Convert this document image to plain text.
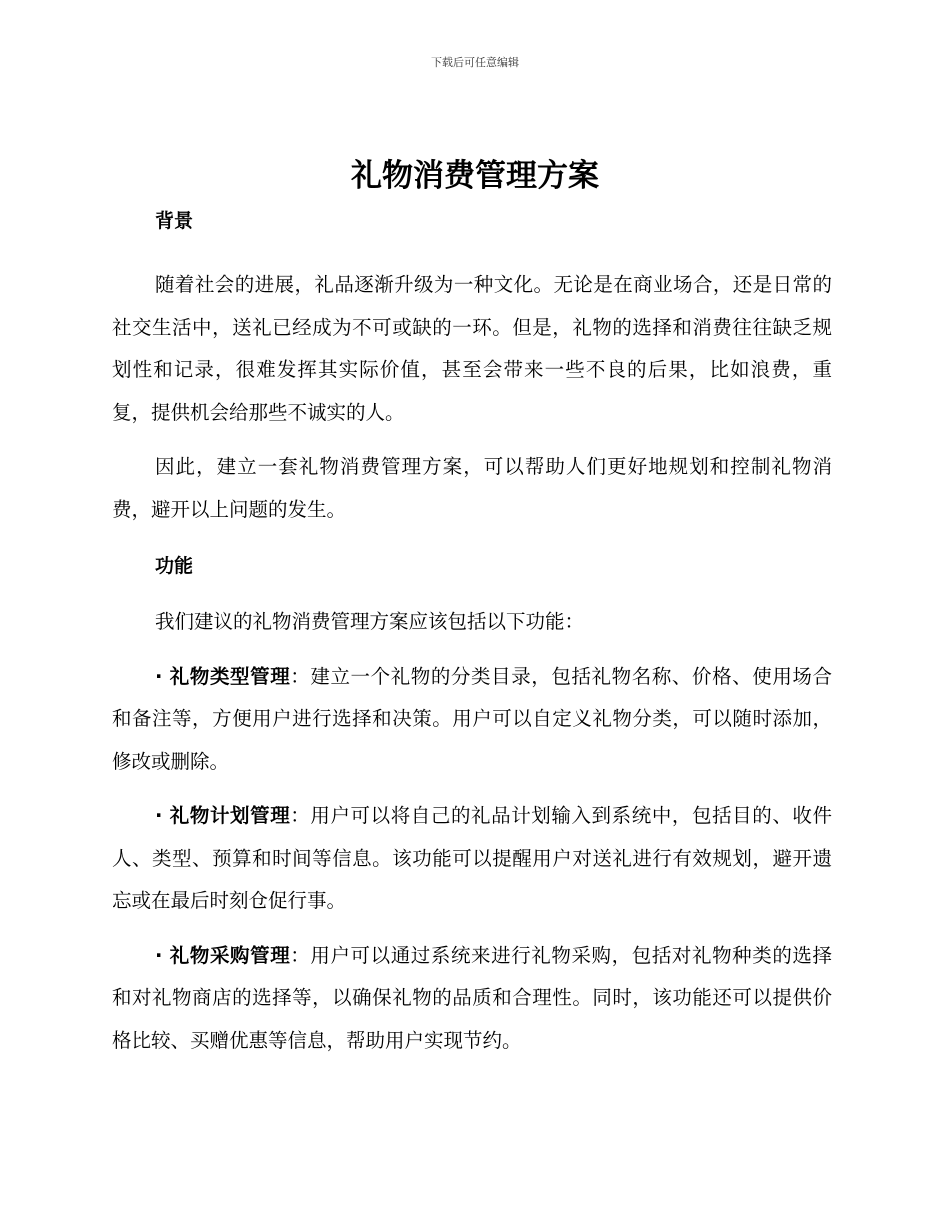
下载后可任意编辑
礼物消费管理方案
背景

随着社会的进展，礼品逐渐升级为一种文化。无论是在商业场合，还是日常的社交生活中，送礼已经成为不可或缺的一环。但是，礼物的选择和消费往往缺乏规划性和记录，很难发挥其实际价值，甚至会带来一些不良的后果，比如浪费，重复，提供机会给那些不诚实的人。

因此，建立一套礼物消费管理方案，可以帮助人们更好地规划和控制礼物消费，避开以上问题的发生。

功能

我们建议的礼物消费管理方案应该包括以下功能：

· 礼物类型管理：建立一个礼物的分类目录，包括礼物名称、价格、使用场合和备注等，方便用户进行选择和决策。用户可以自定义礼物分类，可以随时添加，修改或删除。

· 礼物计划管理：用户可以将自己的礼品计划输入到系统中，包括目的、收件人、类型、预算和时间等信息。该功能可以提醒用户对送礼进行有效规划，避开遗忘或在最后时刻仓促行事。

· 礼物采购管理：用户可以通过系统来进行礼物采购，包括对礼物种类的选择和对礼物商店的选择等，以确保礼物的品质和合理性。同时，该功能还可以提供价格比较、买赠优惠等信息，帮助用户实现节约。
